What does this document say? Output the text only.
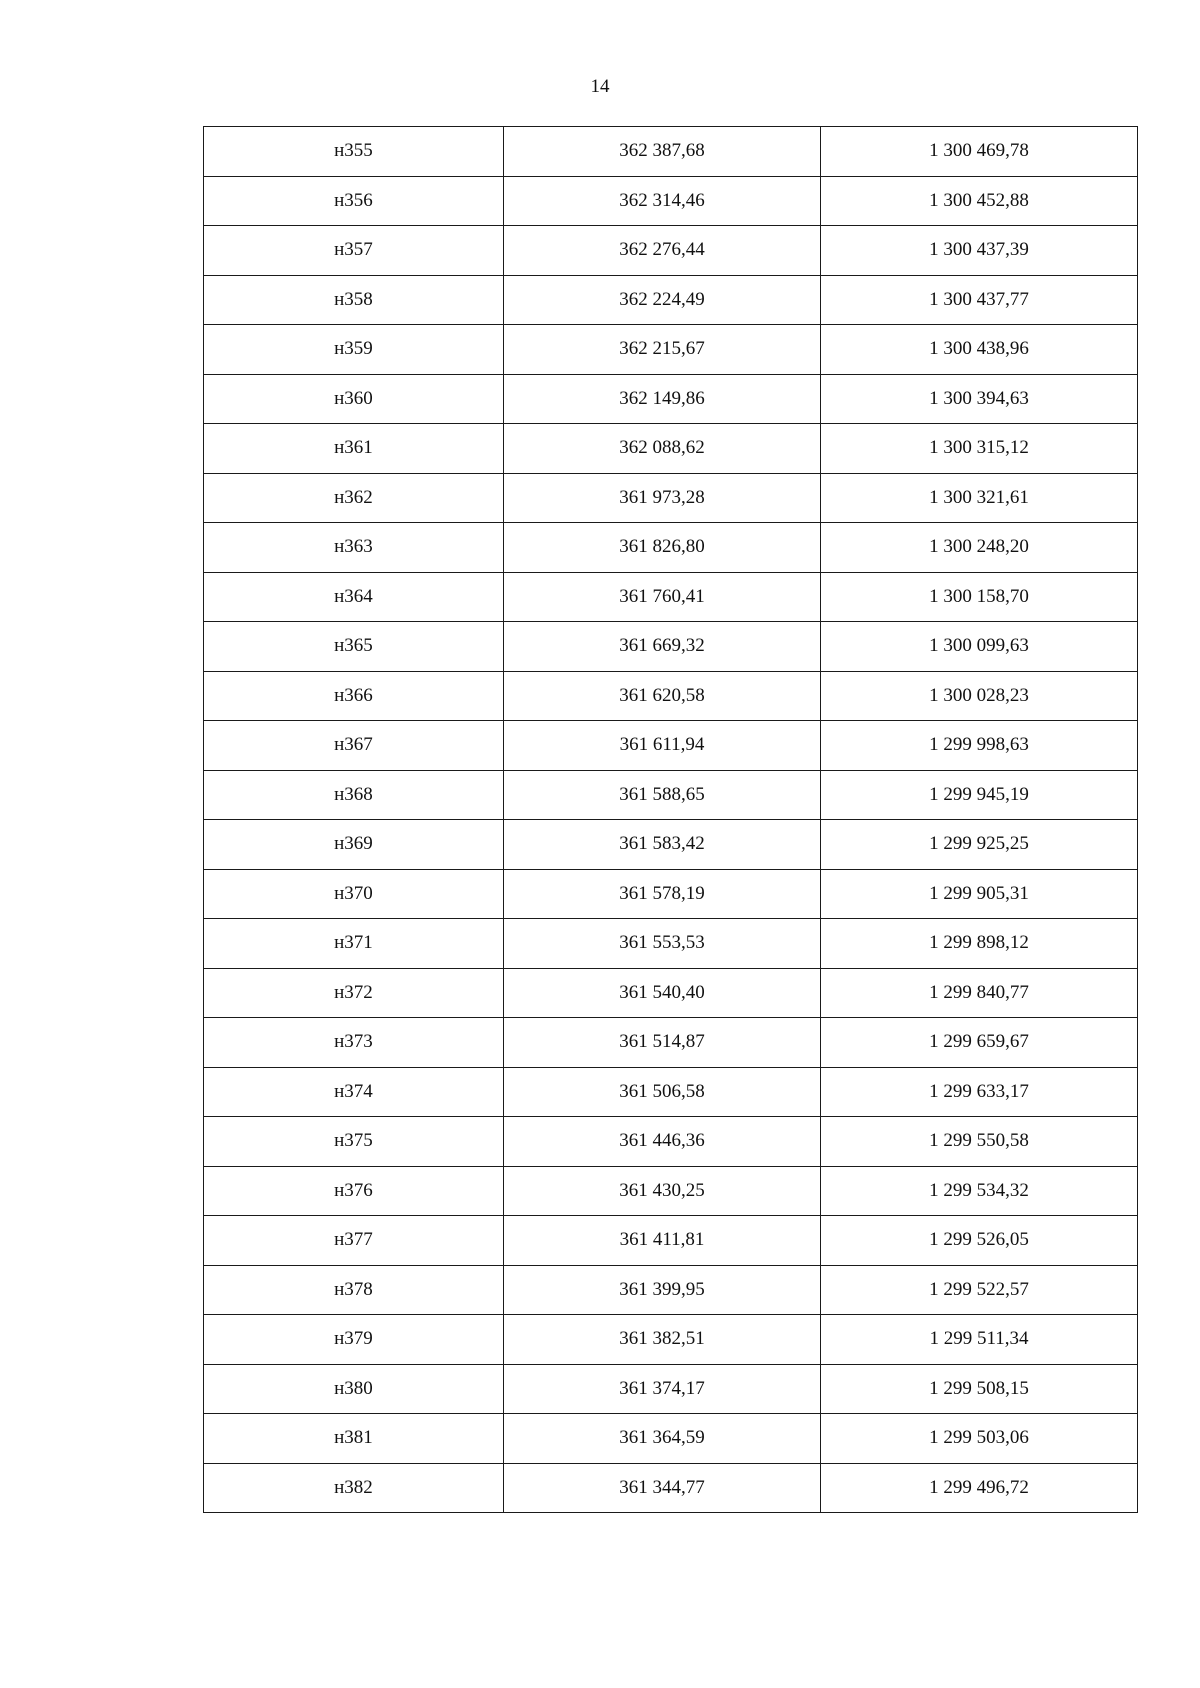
14
н355	362 387,68	1 300 469,78
н356	362 314,46	1 300 452,88
н357	362 276,44	1 300 437,39
н358	362 224,49	1 300 437,77
н359	362 215,67	1 300 438,96
н360	362 149,86	1 300 394,63
н361	362 088,62	1 300 315,12
н362	361 973,28	1 300 321,61
н363	361 826,80	1 300 248,20
н364	361 760,41	1 300 158,70
н365	361 669,32	1 300 099,63
н366	361 620,58	1 300 028,23
н367	361 611,94	1 299 998,63
н368	361 588,65	1 299 945,19
н369	361 583,42	1 299 925,25
н370	361 578,19	1 299 905,31
н371	361 553,53	1 299 898,12
н372	361 540,40	1 299 840,77
н373	361 514,87	1 299 659,67
н374	361 506,58	1 299 633,17
н375	361 446,36	1 299 550,58
н376	361 430,25	1 299 534,32
н377	361 411,81	1 299 526,05
н378	361 399,95	1 299 522,57
н379	361 382,51	1 299 511,34
н380	361 374,17	1 299 508,15
н381	361 364,59	1 299 503,06
н382	361 344,77	1 299 496,72
